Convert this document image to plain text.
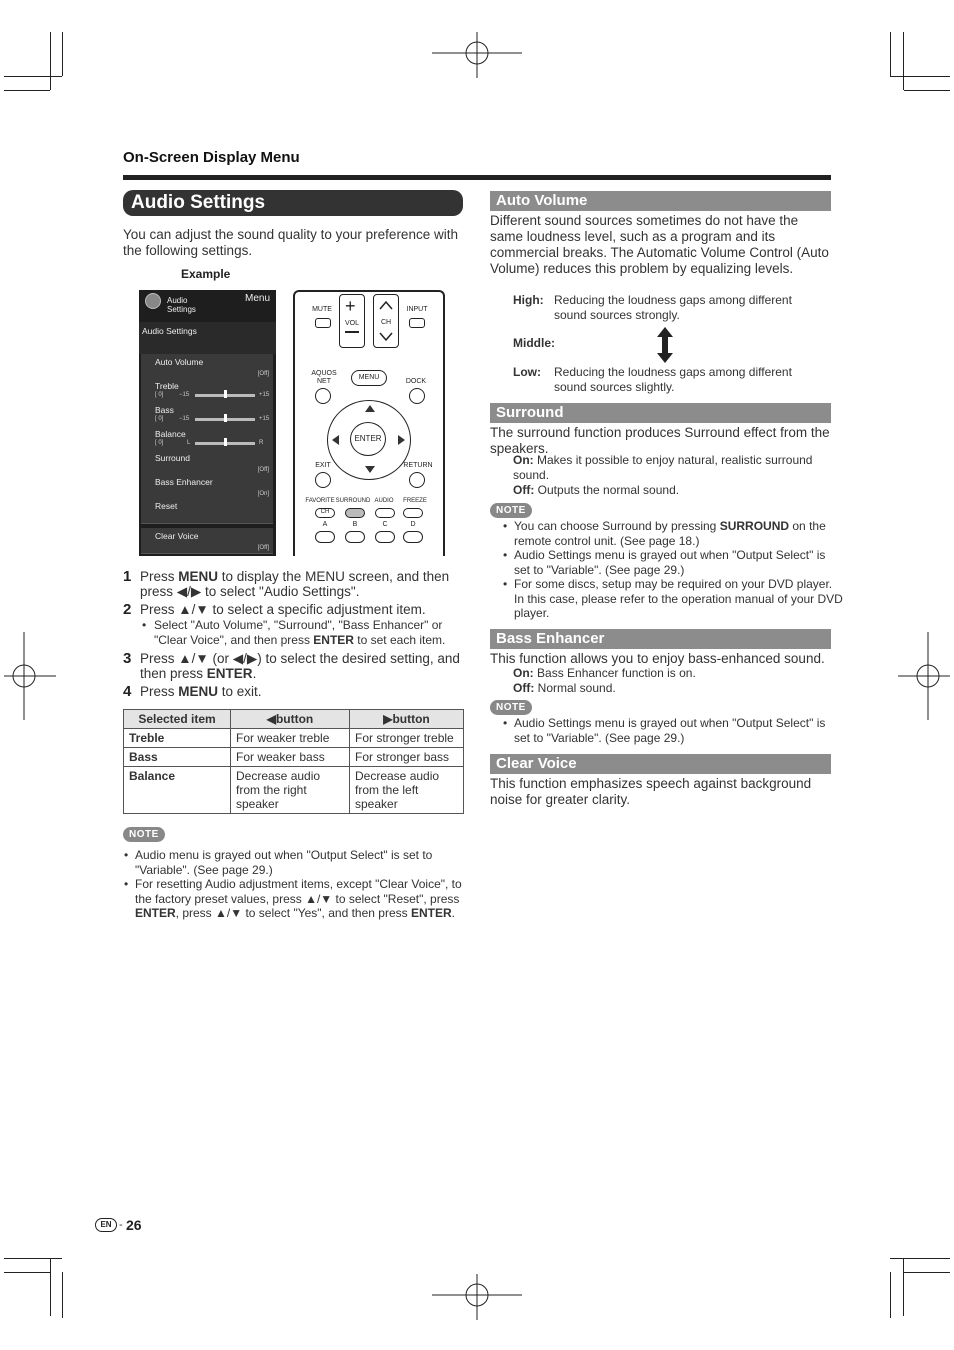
On-Screen Display Menu
Audio Settings
You can adjust the sound quality to your preference with the following settings.
Example
Audio
Settings
Menu
Audio Settings
Auto Volume
[Off]
Treble
[ 0]	−15	+15
Bass
[ 0]	−15	+15
Balance
[ 0]	L	R
Surround
[Off]
Bass Enhancer
[On]
Reset
Clear Voice
[Off]
MUTE +
VOL	CH
INPUT
AQUOS
NET
MENU
DOCK
ENTER
EXIT	RETURN
FAVORITE SURROUND AUDIO	FREEZE
CH
A	B	C	D
1 Press MENU to display the MENU screen, and then press ◀/▶ to select "Audio Settings".
2 Press ▲/▼ to select a specific adjustment item.
• Select "Auto Volume", "Surround", "Bass Enhancer" or "Clear Voice", and then press ENTER to set each item.
3 Press ▲/▼ (or ◀/▶) to select the desired setting, and then press ENTER.
4 Press MENU to exit.
Selected item	◀button	▶button
Treble	For weaker treble	For stronger treble
Bass	For weaker bass	For stronger bass
Balance	Decrease audio from the right speaker	Decrease audio from the left speaker
NOTE
• Audio menu is grayed out when "Output Select" is set to "Variable". (See page 29.)
• For resetting Audio adjustment items, except "Clear Voice", to the factory preset values, press ▲/▼ to select "Reset", press ENTER, press ▲/▼ to select "Yes", and then press ENTER.
Auto Volume
Different sound sources sometimes do not have the same loudness level, such as a program and its commercial breaks. The Automatic Volume Control (Auto Volume) reduces this problem by equalizing levels.
High: Reducing the loudness gaps among different sound sources strongly.
Middle:
Low: Reducing the loudness gaps among different sound sources slightly.
Surround
The surround function produces Surround effect from the speakers.
On: Makes it possible to enjoy natural, realistic surround sound.
Off: Outputs the normal sound.
NOTE
• You can choose Surround by pressing SURROUND on the remote control unit. (See page 18.)
• Audio Settings menu is grayed out when "Output Select" is set to "Variable". (See page 29.)
• For some discs, setup may be required on your DVD player. In this case, please refer to the operation manual of your DVD player.
Bass Enhancer
This function allows you to enjoy bass-enhanced sound.
On: Bass Enhancer function is on.
Off: Normal sound.
NOTE
• Audio Settings menu is grayed out when "Output Select" is set to "Variable". (See page 29.)
Clear Voice
This function emphasizes speech against background noise for greater clarity.
EN - 26
